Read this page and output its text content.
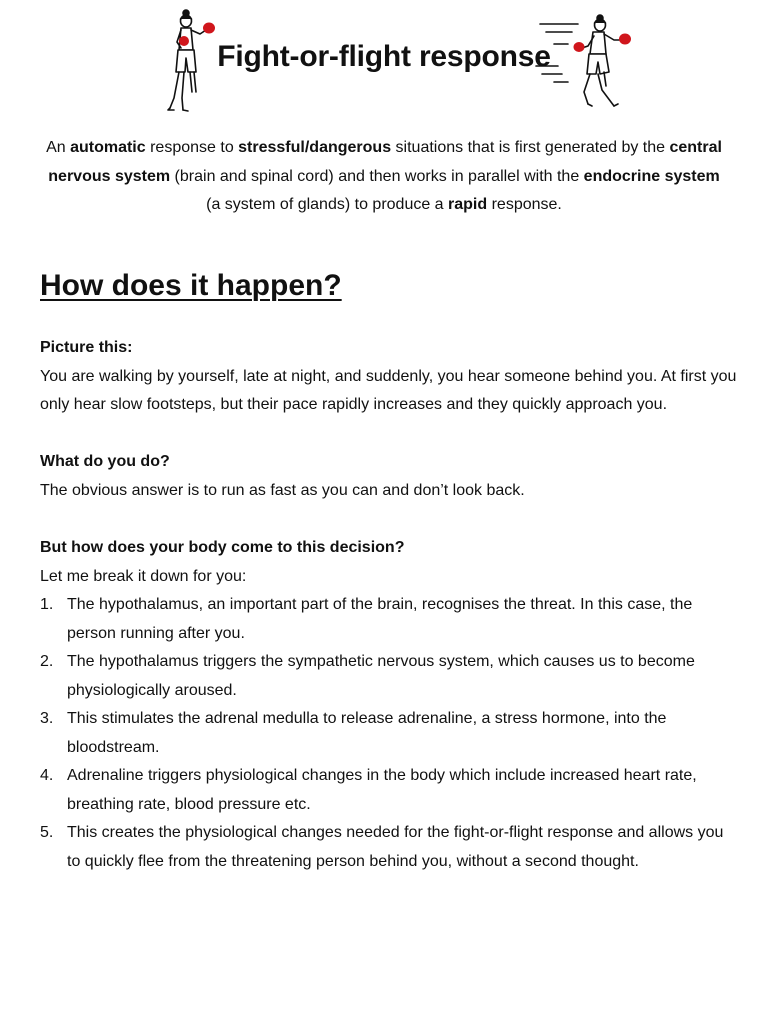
Fight-or-flight response
An automatic response to stressful/dangerous situations that is first generated by the central nervous system (brain and spinal cord) and then works in parallel with the endocrine system (a system of glands) to produce a rapid response.
How does it happen?
Picture this:
You are walking by yourself, late at night, and suddenly, you hear someone behind you. At first you only hear slow footsteps, but their pace rapidly increases and they quickly approach you.
What do you do?
The obvious answer is to run as fast as you can and don’t look back.
But how does your body come to this decision?
Let me break it down for you:
1. The hypothalamus, an important part of the brain, recognises the threat. In this case, the person running after you.
2. The hypothalamus triggers the sympathetic nervous system, which causes us to become physiologically aroused.
3. This stimulates the adrenal medulla to release adrenaline, a stress hormone, into the bloodstream.
4. Adrenaline triggers physiological changes in the body which include increased heart rate, breathing rate, blood pressure etc.
5. This creates the physiological changes needed for the fight-or-flight response and allows you to quickly flee from the threatening person behind you, without a second thought.
